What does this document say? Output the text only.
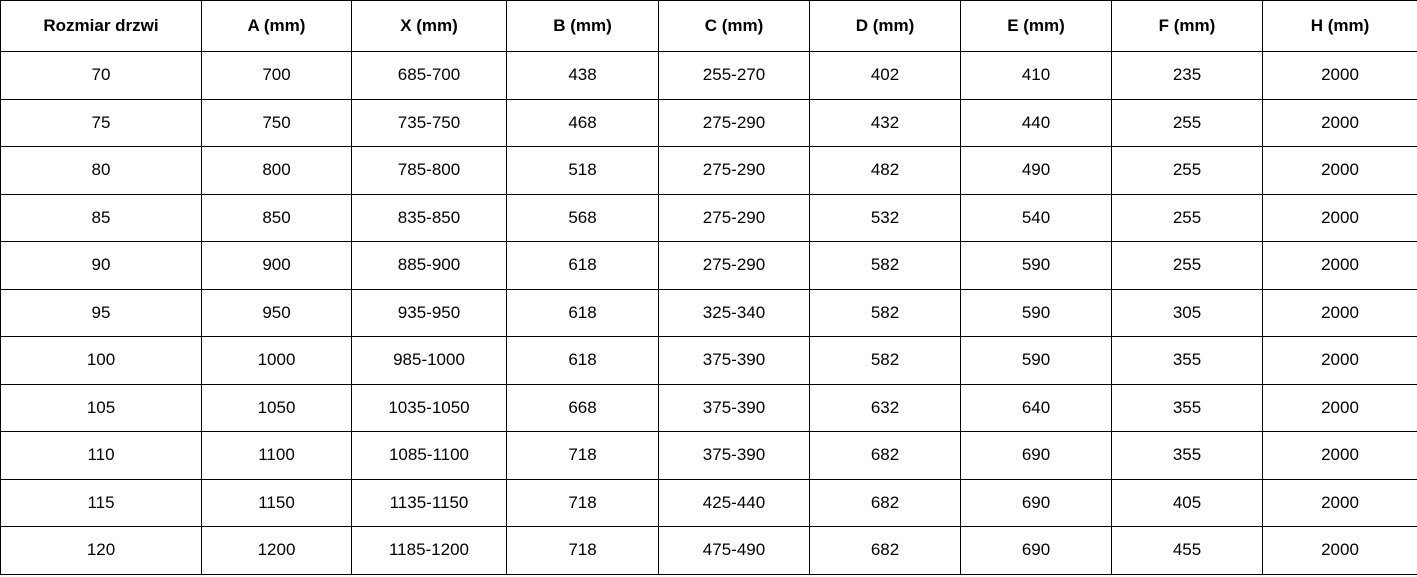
Rozmiar drzwi	A (mm)	X (mm)	B (mm)	C (mm)	D (mm)	E (mm)	F (mm)	H (mm)
70	700	685-700	438	255-270	402	410	235	2000
75	750	735-750	468	275-290	432	440	255	2000
80	800	785-800	518	275-290	482	490	255	2000
85	850	835-850	568	275-290	532	540	255	2000
90	900	885-900	618	275-290	582	590	255	2000
95	950	935-950	618	325-340	582	590	305	2000
100	1000	985-1000	618	375-390	582	590	355	2000
105	1050	1035-1050	668	375-390	632	640	355	2000
110	1100	1085-1100	718	375-390	682	690	355	2000
115	1150	1135-1150	718	425-440	682	690	405	2000
120	1200	1185-1200	718	475-490	682	690	455	2000
